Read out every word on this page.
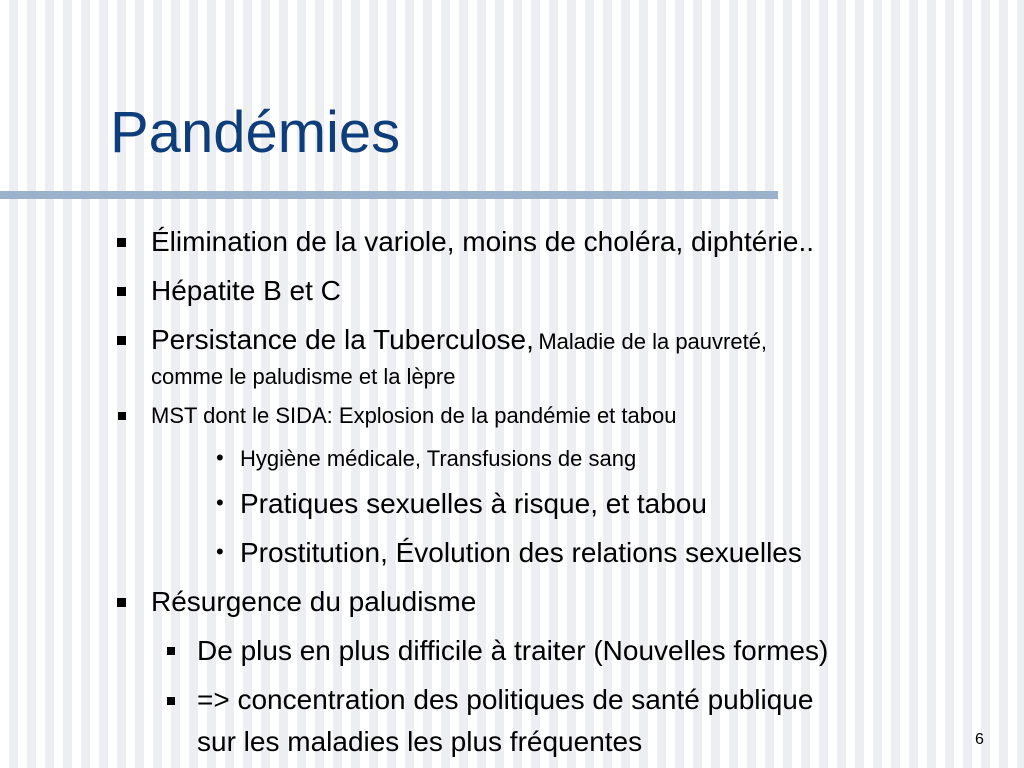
Pandémies
Élimination de la variole, moins de choléra, diphtérie..
Hépatite B et C
Persistance de la Tuberculose, Maladie de la pauvreté,
comme le paludisme et la lèpre
MST dont le SIDA: Explosion de la pandémie et tabou
• Hygiène médicale, Transfusions de sang
• Pratiques sexuelles à risque, et tabou
• Prostitution, Évolution des relations sexuelles
Résurgence du paludisme
De plus en plus difficile à traiter (Nouvelles formes)
=> concentration des politiques de santé publique
sur les maladies les plus fréquentes	6
